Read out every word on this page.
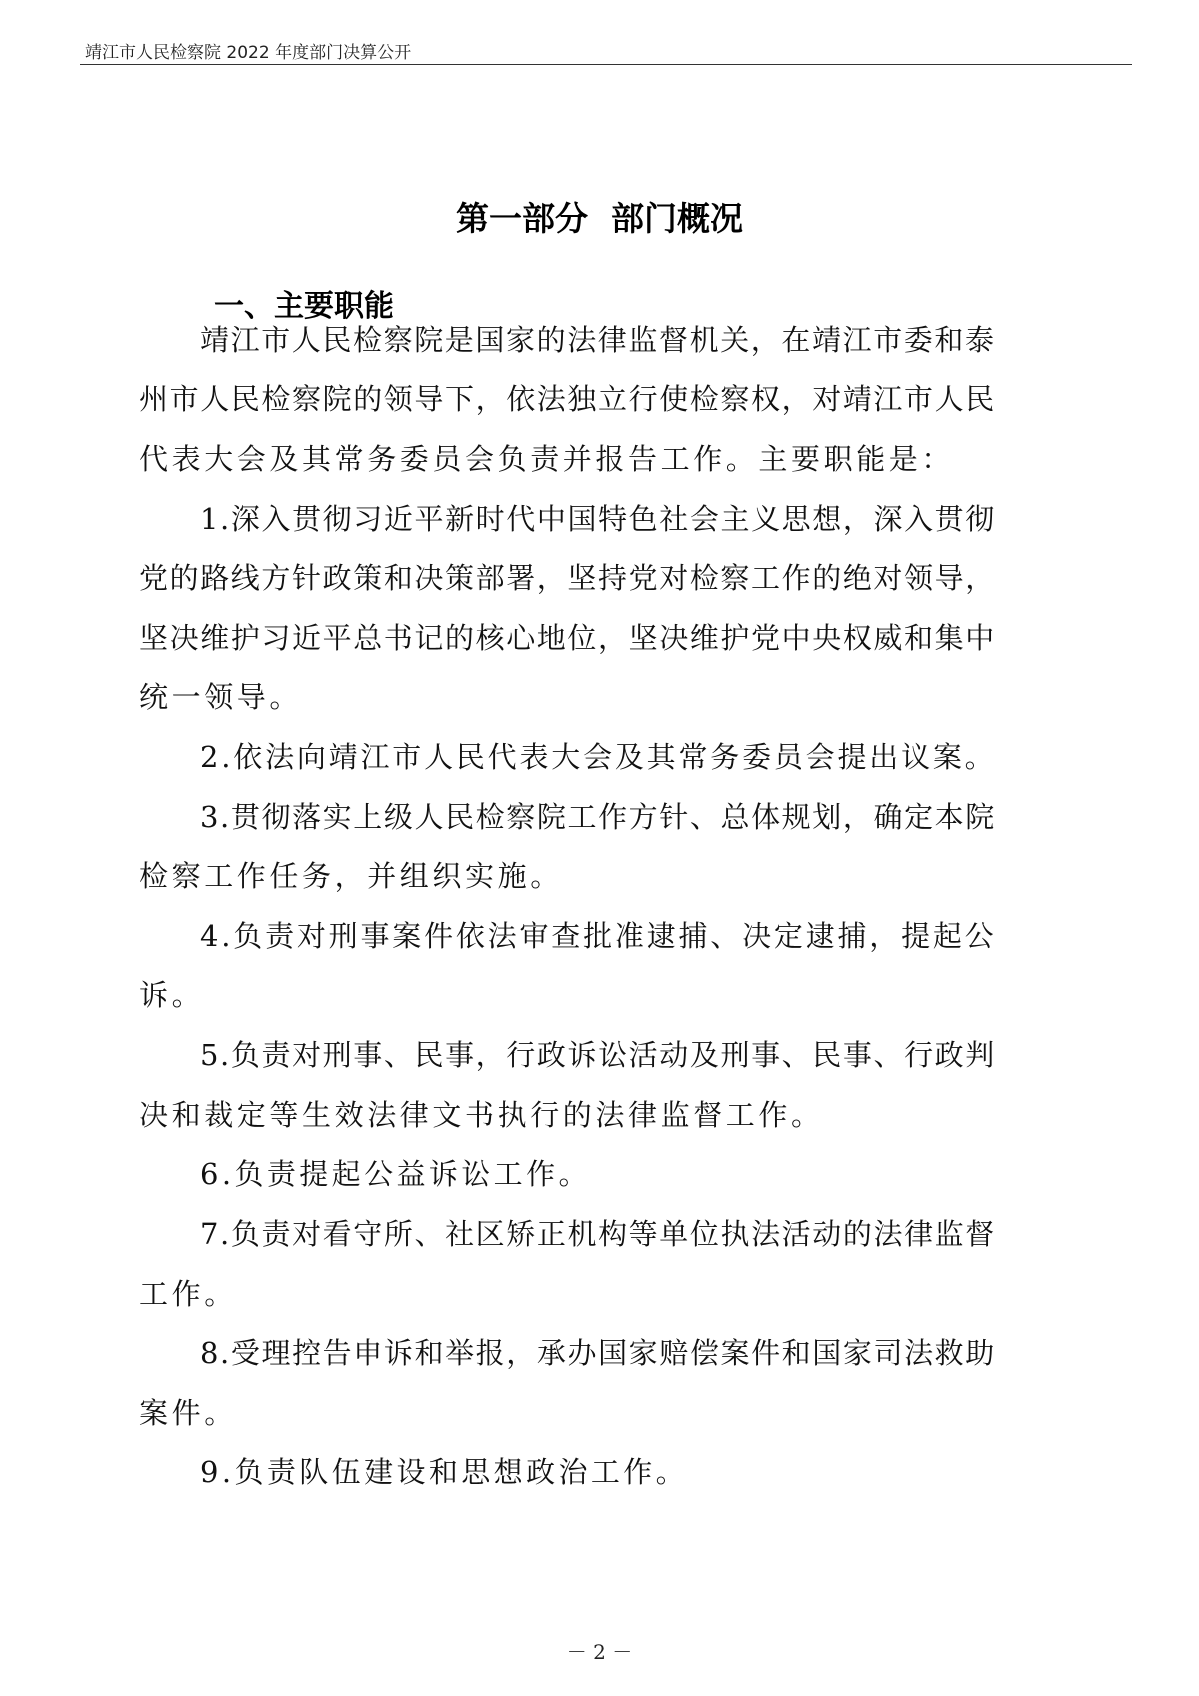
靖江市人民检察院 2022 年度部门决算公开
第一部分  部门概况
一、主要职能
靖江市人民检察院是国家的法律监督机关，在靖江市委和泰
州市人民检察院的领导下，依法独立行使检察权，对靖江市人民
代表大会及其常务委员会负责并报告工作。主要职能是：
1.深入贯彻习近平新时代中国特色社会主义思想，深入贯彻
党的路线方针政策和决策部署，坚持党对检察工作的绝对领导，
坚决维护习近平总书记的核心地位，坚决维护党中央权威和集中
统一领导。
2.依法向靖江市人民代表大会及其常务委员会提出议案。
3.贯彻落实上级人民检察院工作方针、总体规划，确定本院
检察工作任务，并组织实施。
4.负责对刑事案件依法审查批准逮捕、决定逮捕，提起公
诉。
5.负责对刑事、民事，行政诉讼活动及刑事、民事、行政判
决和裁定等生效法律文书执行的法律监督工作。
6.负责提起公益诉讼工作。
7.负责对看守所、社区矫正机构等单位执法活动的法律监督
工作。
8.受理控告申诉和举报，承办国家赔偿案件和国家司法救助
案件。
9.负责队伍建设和思想政治工作。
－ 2 －
